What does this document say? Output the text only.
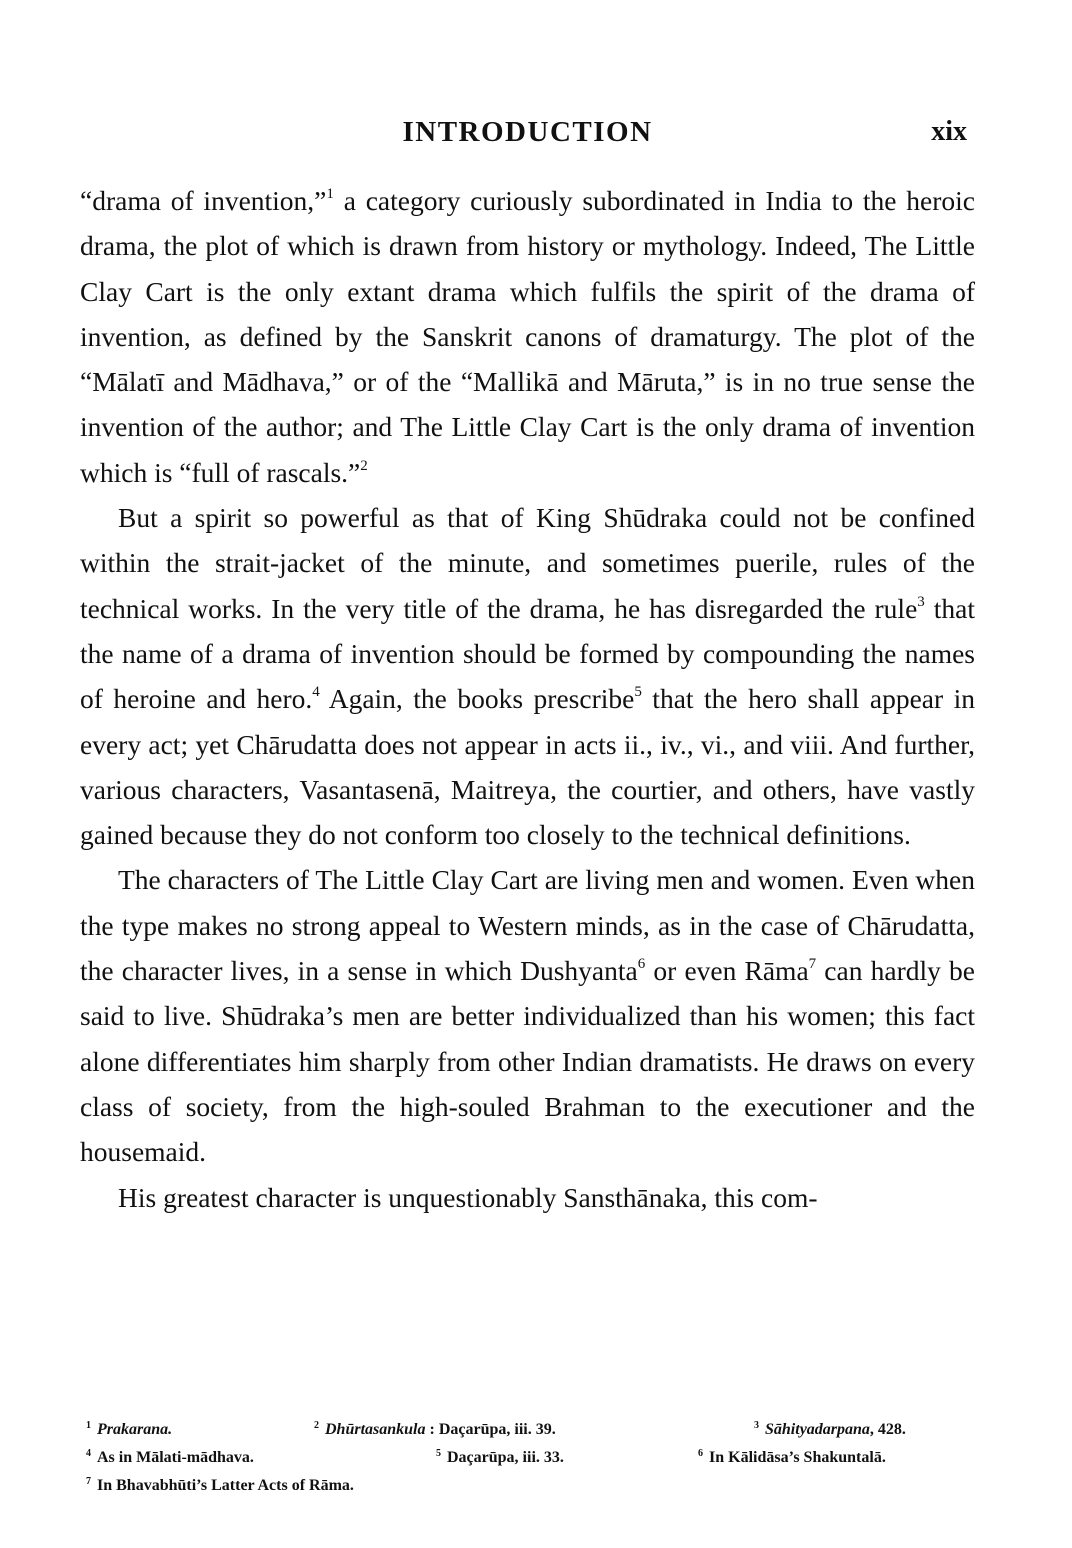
INTRODUCTION	xix

“drama of invention,”$^1$ a category curiously subordinated in India to the heroic drama, the plot of which is drawn from history or mythology. Indeed, The Little Clay Cart is the only extant drama which fulfils the spirit of the drama of invention, as defined by the Sanskrit canons of dramaturgy. The plot of the “Mālatī and Mādhava,” or of the “Mallikā and Māruta,” is in no true sense the invention of the author; and The Little Clay Cart is the only drama of invention which is “full of rascals.”$^2$

But a spirit so powerful as that of King Shūdraka could not be confined within the strait-jacket of the minute, and sometimes puerile, rules of the technical works. In the very title of the drama, he has disregarded the rule$^3$ that the name of a drama of invention should be formed by compounding the names of heroine and hero.$^4$ Again, the books prescribe$^5$ that the hero shall appear in every act; yet Chārudatta does not appear in acts ii., iv., vi., and viii. And further, various characters, Vasantasenā, Maitreya, the courtier, and others, have vastly gained because they do not conform too closely to the technical definitions.

The characters of The Little Clay Cart are living men and women. Even when the type makes no strong appeal to Western minds, as in the case of Chārudatta, the character lives, in a sense in which Dushyanta$^6$ or even Rāma$^7$ can hardly be said to live. Shūdraka’s men are better individualized than his women; this fact alone differentiates him sharply from other Indian dramatists. He draws on every class of society, from the high-souled Brahman to the executioner and the housemaid.

His greatest character is unquestionably Sansthānaka, this com-

$^1$ Prakarana.	$^2$ Dhūrtasankula : Daçarūpa, iii. 39.	$^3$ Sāhityadarpana, 428.
$^4$ As in Mālati-mādhava.	$^5$ Daçarūpa, iii. 33.	$^6$ In Kālidāsa’s Shakuntalā.
$^7$ In Bhavabhūti’s Latter Acts of Rāma.
